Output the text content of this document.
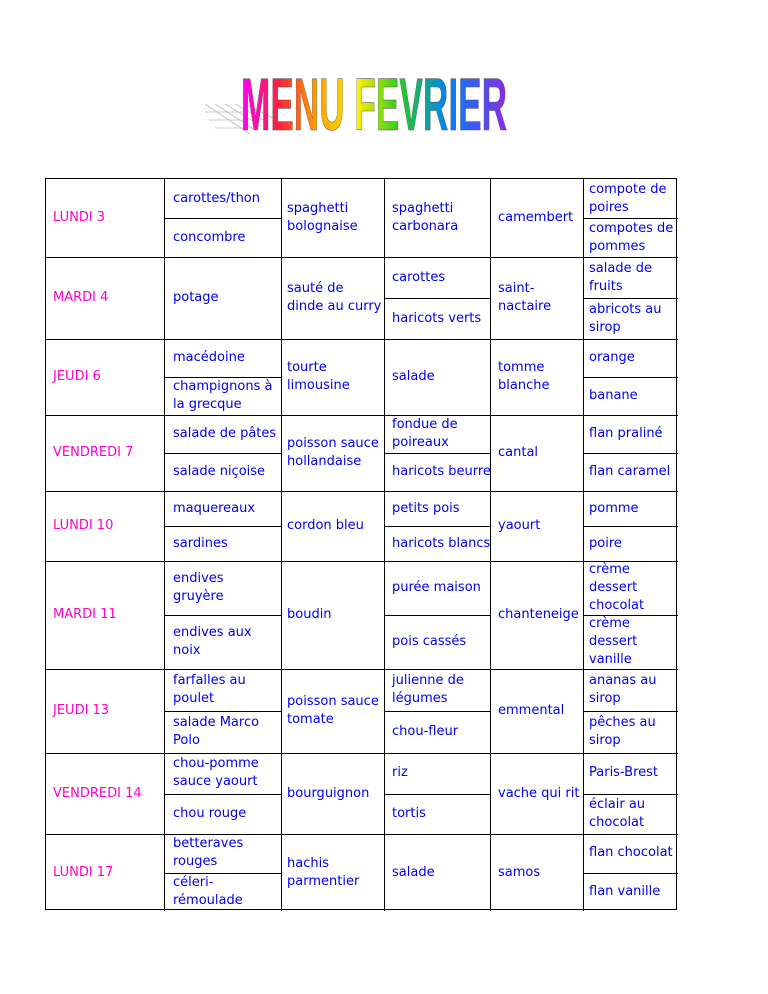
MENU FEVRIER
LUNDI 3
carottes/thon
concombre
spaghetti bolognaise
spaghetti carbonara
camembert
compote de poires
compotes de pommes
MARDI 4	potage
sauté de dinde au curry
carottes
haricots verts
saint-nactaire
salade de fruits
abricots au sirop
JEUDI 6
macédoine
champignons à la grecque
tourte limousine
salade
tomme blanche
orange
banane
VENDREDI 7
salade de pâtes
salade niçoise
poisson sauce hollandaise
fondue de poireaux
haricots beurre
cantal
flan praliné
flan caramel
LUNDI 10
maquereaux
sardines
cordon bleu
petits pois
haricots blancs
yaourt
pomme
poire
MARDI 11
endives gruyère
endives aux noix
boudin
purée maison
pois cassés
chanteneige
crème dessert chocolat
crème dessert vanille
JEUDI 13
farfalles au poulet
salade Marco Polo
poisson sauce tomate
julienne de légumes
chou-fleur
emmental
ananas au sirop
pêches au sirop
VENDREDI 14
chou-pomme sauce yaourt
chou rouge
bourguignon
riz
tortis
vache qui rit
Paris-Brest
éclair au chocolat
LUNDI 17
betteraves rouges
céleri-rémoulade
hachis parmentier
salade	samos
flan chocolat
flan vanille
